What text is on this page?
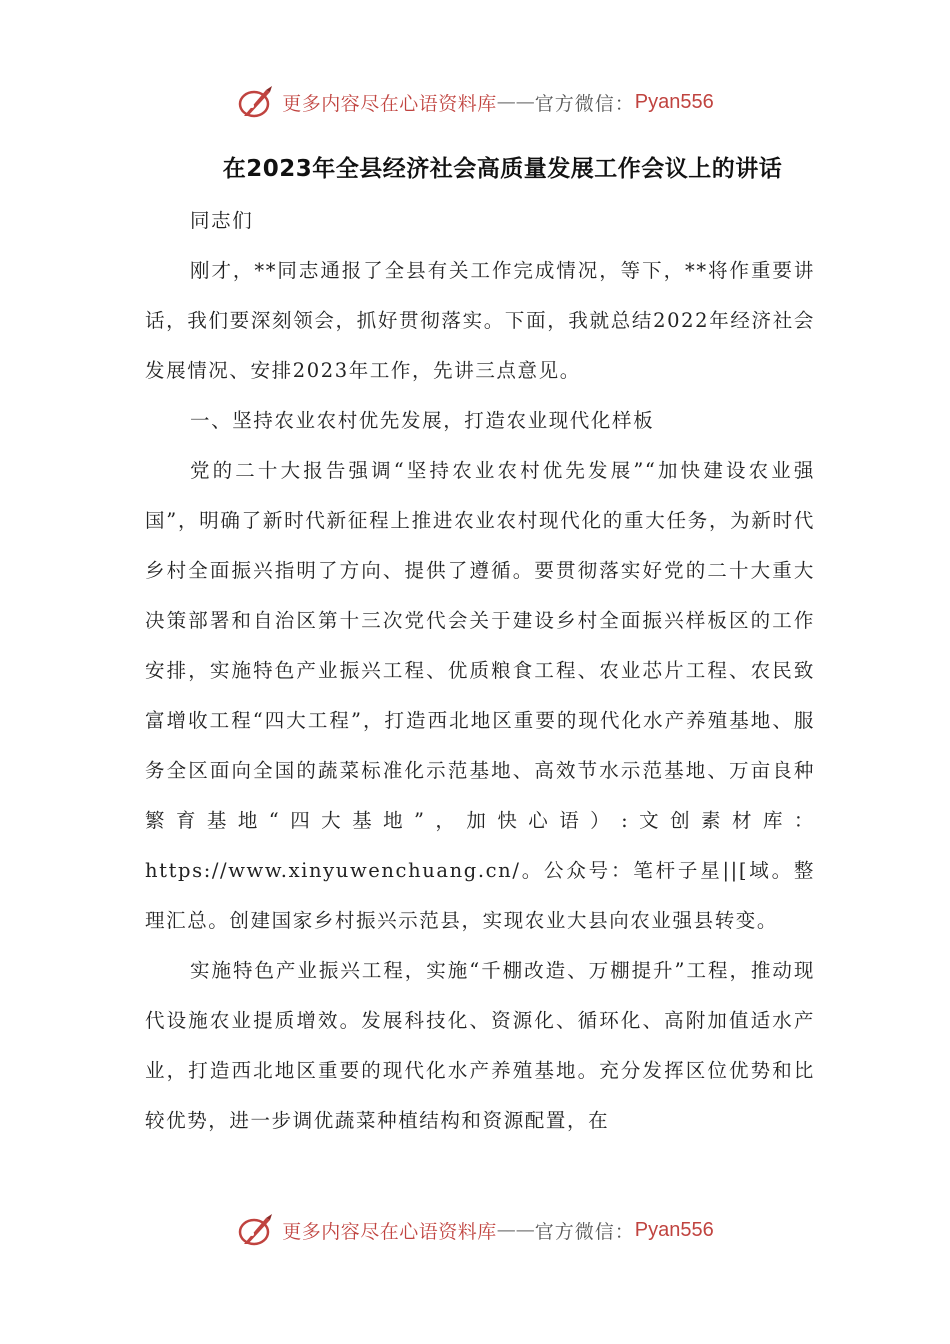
更多内容尽在心语资料库 —— 官方微信： Pyan556
在2023年全县经济社会高质量发展工作会议上的讲话

同志们

刚才，**同志通报了全县有关工作完成情况，等下，**将作重要讲话，我们要深刻领会，抓好贯彻落实。下面，我就总结2022年经济社会发展情况、安排2023年工作，先讲三点意见。

一、坚持农业农村优先发展，打造农业现代化样板

党的二十大报告强调“坚持农业农村优先发展”“加快建设农业强国”，明确了新时代新征程上推进农业农村现代化的重大任务，为新时代乡村全面振兴指明了方向、提供了遵循。要贯彻落实好党的二十大重大决策部署和自治区第十三次党代会关于建设乡村全面振兴样板区的工作安排，实施特色产业振兴工程、优质粮食工程、农业芯片工程、农民致富增收工程“四大工程”，打造西北地区重要的现代化水产养殖基地、服务全区面向全国的蔬菜标准化示范基地、高效节水示范基地、万亩良种繁育基地“四大基地”，加快心语）:文创素材库：https://www.xinyuwenchuang.cn/。公众号：笔杆子星||[域。整理汇总。创建国家乡村振兴示范县，实现农业大县向农业强县转变。

实施特色产业振兴工程，实施“千棚改造、万棚提升”工程，推动现代设施农业提质增效。发展科技化、资源化、循环化、高附加值适水产业，打造西北地区重要的现代化水产养殖基地。充分发挥区位优势和比较优势，进一步调优蔬菜种植结构和资源配置，在

更多内容尽在心语资料库 —— 官方微信： Pyan556
